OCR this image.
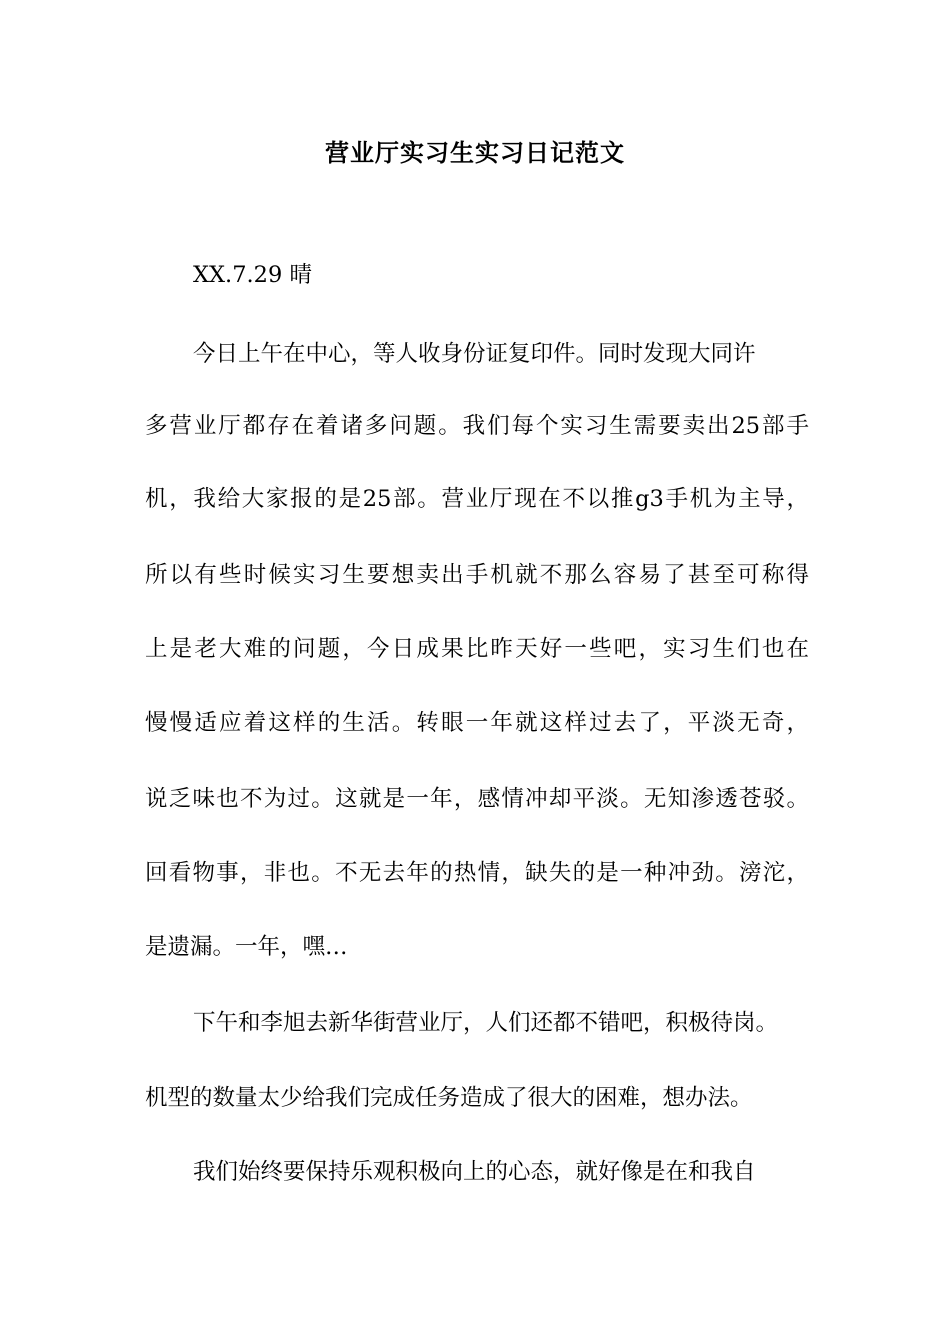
营业厅实习生实习日记范文
XX.7.29 晴
今日上午在中心，等人收身份证复印件。同时发现大同许
多营业厅都存在着诸多问题。我们每个实习生需要卖出25部手
机，我给大家报的是25部。营业厅现在不以推g3手机为主导，
所以有些时候实习生要想卖出手机就不那么容易了甚至可称得
上是老大难的问题，今日成果比昨天好一些吧，实习生们也在
慢慢适应着这样的生活。转眼一年就这样过去了，平淡无奇，
说乏味也不为过。这就是一年，感情冲却平淡。无知渗透苍驳。
回看物事，非也。不无去年的热情，缺失的是一种冲劲。滂沱，
是遗漏。一年，嘿…
下午和李旭去新华街营业厅，人们还都不错吧，积极待岗。
机型的数量太少给我们完成任务造成了很大的困难，想办法。
我们始终要保持乐观积极向上的心态，就好像是在和我自
